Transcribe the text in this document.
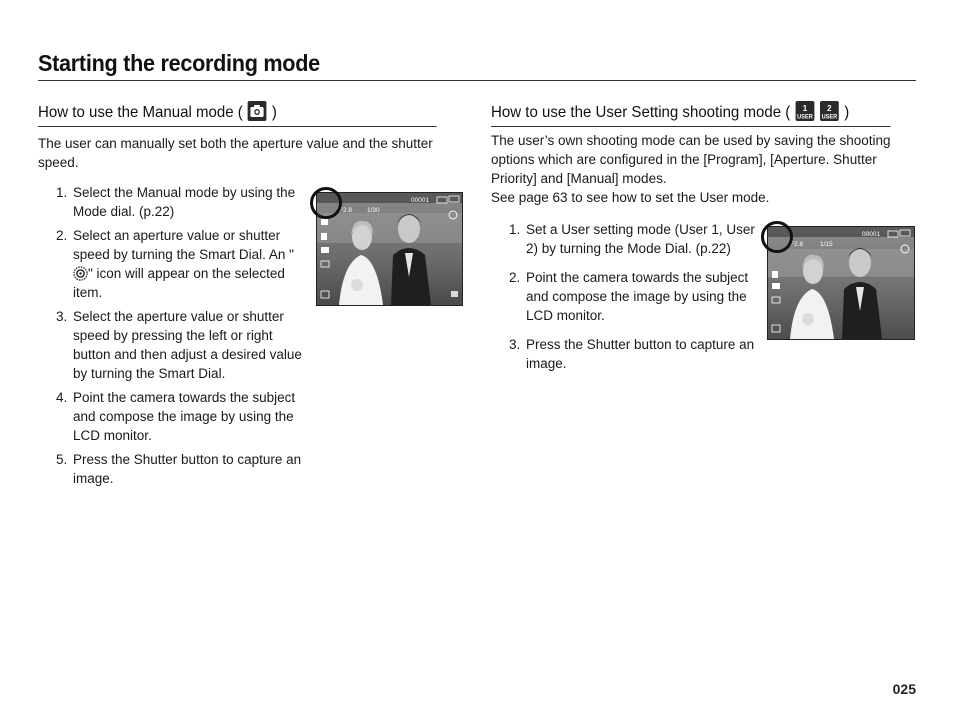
Starting the recording mode
How to use the Manual mode ( )
The user can manually set both the aperture value and the shutter speed.
1. Select the Manual mode by using the Mode dial. (p.22)
2. Select an aperture value or shutter speed by turning the Smart Dial. An "" icon will appear on the selected item.
3. Select the aperture value or shutter speed by pressing the left or right button and then adjust a desired value by turning the Smart Dial.
4. Point the camera towards the subject and compose the image by using the LCD monitor.
5. Press the Shutter button to capture an image.
00001
F2.8 1/30
How to use the User Setting shooting mode ( 1
USER

2
USER )
The user’s own shooting mode can be used by saving the shooting options which are configured in the [Program], [Aperture. Shutter Priority] and [Manual] modes.
See page 63 to see how to set the User mode.
1. Set a User setting mode (User 1, User 2) by turning the Mode Dial. (p.22)
2. Point the camera towards the subject and compose the image by using the LCD monitor.
3. Press the Shutter button to capture an image.
00001
F2.8	1/15
025
